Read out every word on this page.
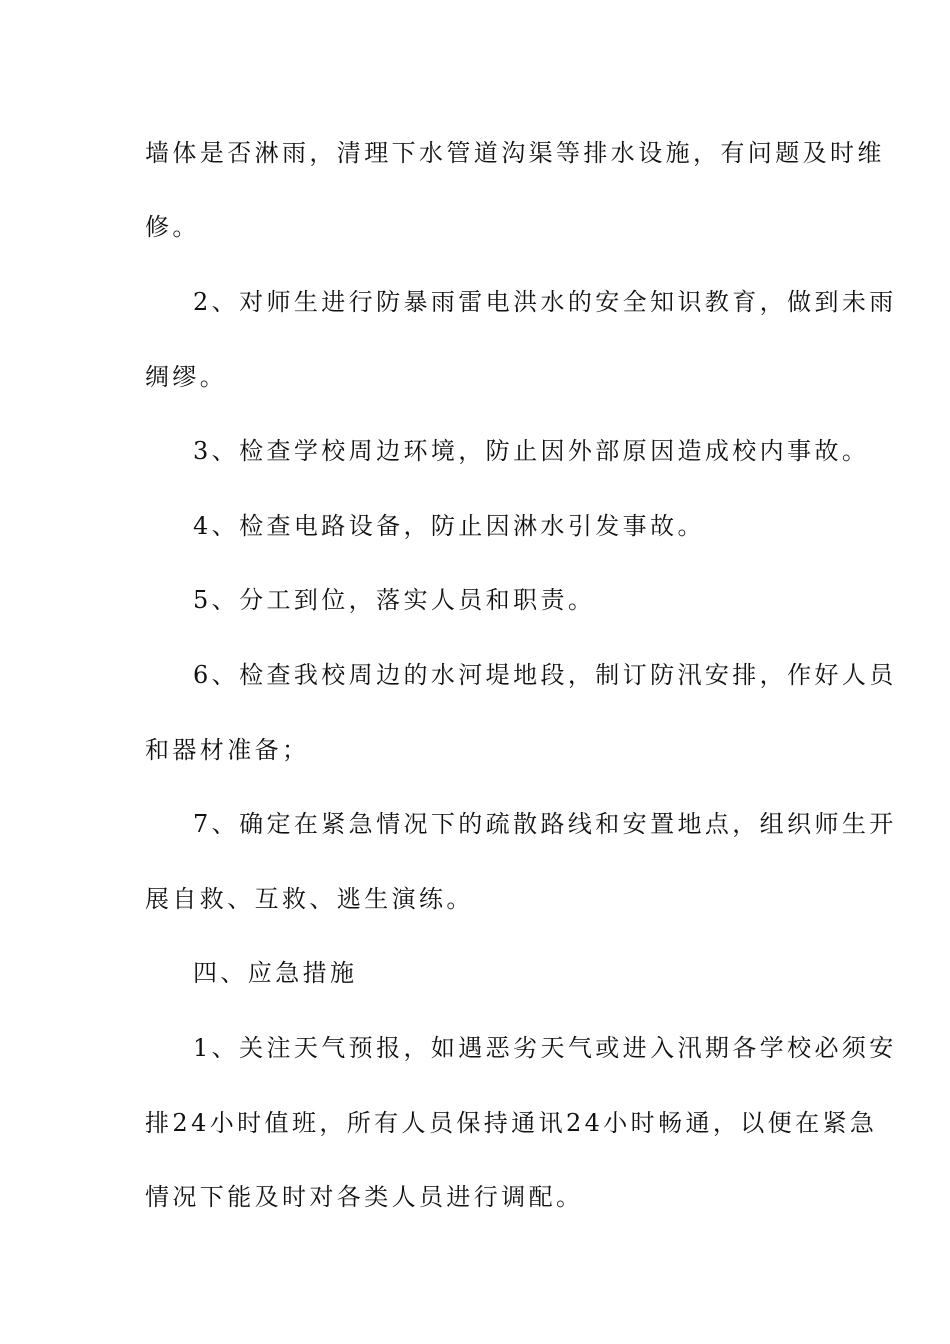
墙体是否淋雨，清理下水管道沟渠等排水设施，有问题及时维
修。
2、对师生进行防暴雨雷电洪水的安全知识教育，做到未雨
绸缪。
3、检查学校周边环境，防止因外部原因造成校内事故。
4、检查电路设备，防止因淋水引发事故。
5、分工到位，落实人员和职责。
6、检查我校周边的水河堤地段，制订防汛安排，作好人员
和器材准备；
7、确定在紧急情况下的疏散路线和安置地点，组织师生开
展自救、互救、逃生演练。
四、应急措施
1、关注天气预报，如遇恶劣天气或进入汛期各学校必须安
排24小时值班，所有人员保持通讯24小时畅通，以便在紧急
情况下能及时对各类人员进行调配。
